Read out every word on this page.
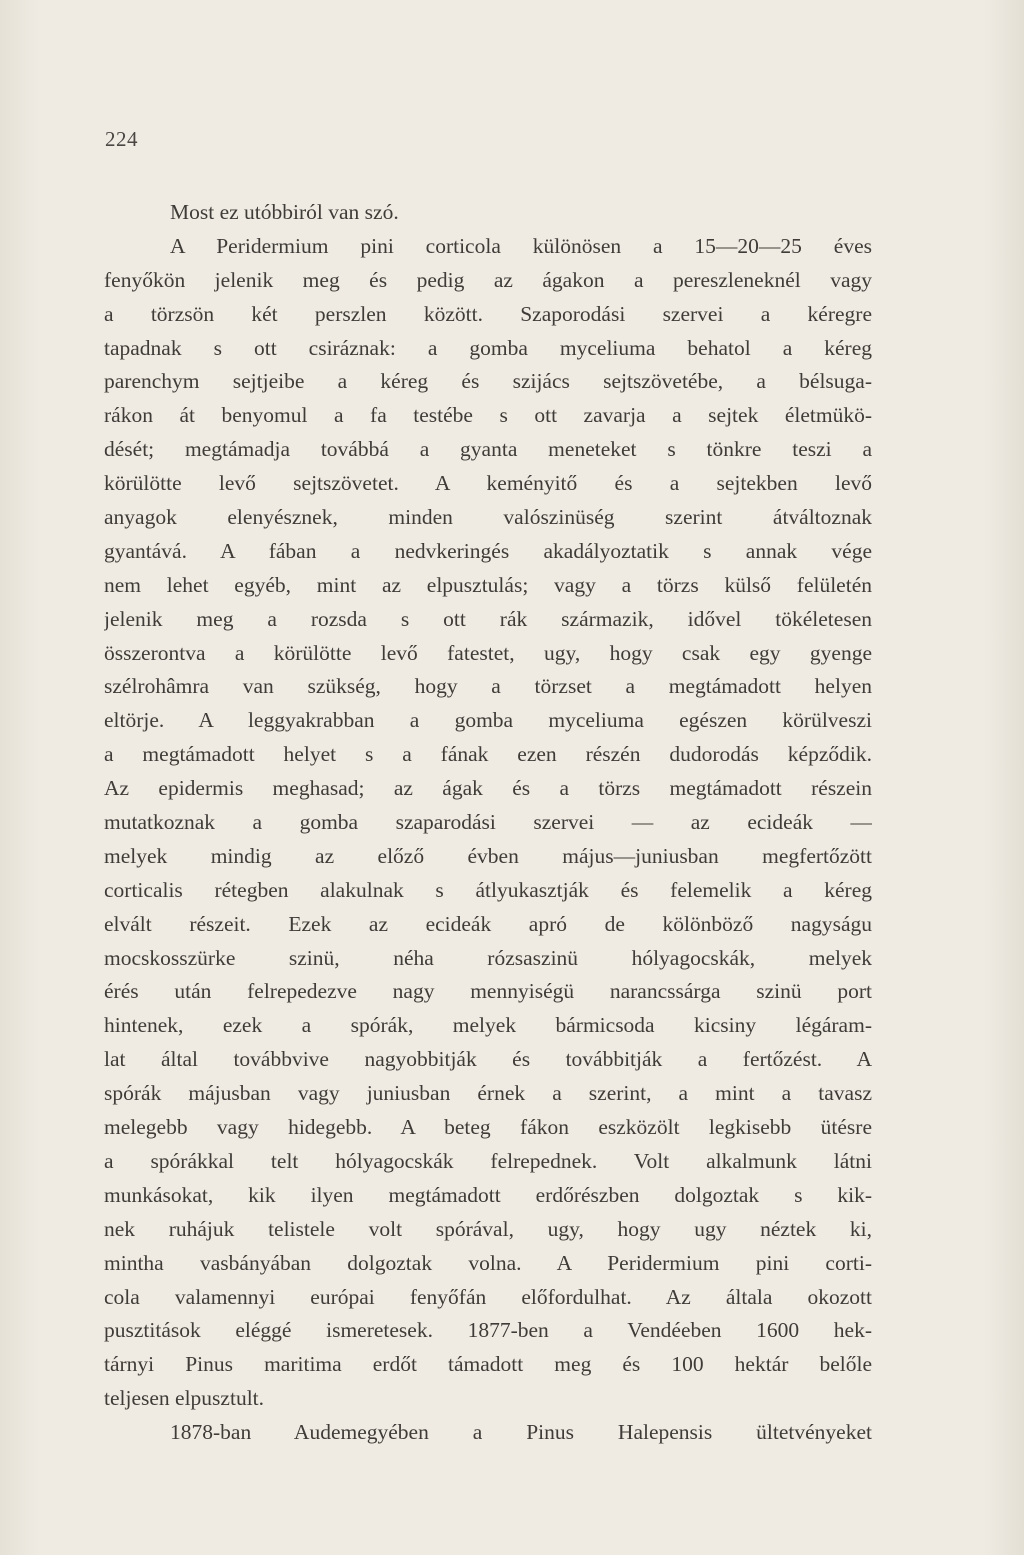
224
Most ez utóbbiról van szó.
A Peridermium pini corticola különösen a 15—20—25 éves
fenyőkön jelenik meg és pedig az ágakon a pereszleneknél vagy
a törzsön két perszlen között. Szaporodási szervei a kéregre
tapadnak s ott csiráznak: a gomba myceliuma behatol a kéreg
parenchym sejtjeibe a kéreg és szijács sejtszövetébe, a bélsuga-
rákon át benyomul a fa testébe s ott zavarja a sejtek életmükö-
dését; megtámadja továbbá a gyanta meneteket s tönkre teszi a
körülötte levő sejtszövetet. A keményitő és a sejtekben levő
anyagok elenyésznek, minden valószinüség szerint átváltoznak
gyantává. A fában a nedvkeringés akadályoztatik s annak vége
nem lehet egyéb, mint az elpusztulás; vagy a törzs külső felületén
jelenik meg a rozsda s ott rák származik, idővel tökéletesen
összerontva a körülötte levő fatestet, ugy, hogy csak egy gyenge
szélrohâmra van szükség, hogy a törzset a megtámadott helyen
eltörje. A leggyakrabban a gomba myceliuma egészen körülveszi
a megtámadott helyet s a fának ezen részén dudorodás képződik.
Az epidermis meghasad; az ágak és a törzs megtámadott részein
mutatkoznak a gomba szaparodási szervei — az ecideák —
melyek mindig az előző évben május—juniusban megfertőzött
corticalis rétegben alakulnak s átlyukasztják és felemelik a kéreg
elvált részeit. Ezek az ecideák apró de kölönböző nagyságu
mocskosszürke szinü, néha rózsaszinü hólyagocskák, melyek
érés után felrepedezve nagy mennyiségü narancssárga szinü port
hintenek, ezek a spórák, melyek bármicsoda kicsiny légáram-
lat által továbbvive nagyobbitják és továbbitják a fertőzést. A
spórák májusban vagy juniusban érnek a szerint, a mint a tavasz
melegebb vagy hidegebb. A beteg fákon eszközölt legkisebb ütésre
a spórákkal telt hólyagocskák felrepednek. Volt alkalmunk látni
munkásokat, kik ilyen megtámadott erdőrészben dolgoztak s kik-
nek ruhájuk telistele volt spórával, ugy, hogy ugy néztek ki,
mintha vasbányában dolgoztak volna. A Peridermium pini corti-
cola valamennyi európai fenyőfán előfordulhat. Az általa okozott
pusztitások eléggé ismeretesek. 1877-ben a Vendéeben 1600 hek-
tárnyi Pinus maritima erdőt támadott meg és 100 hektár belőle
teljesen elpusztult.
1878-ban Audemegyében a Pinus Halepensis ültetvényeket
